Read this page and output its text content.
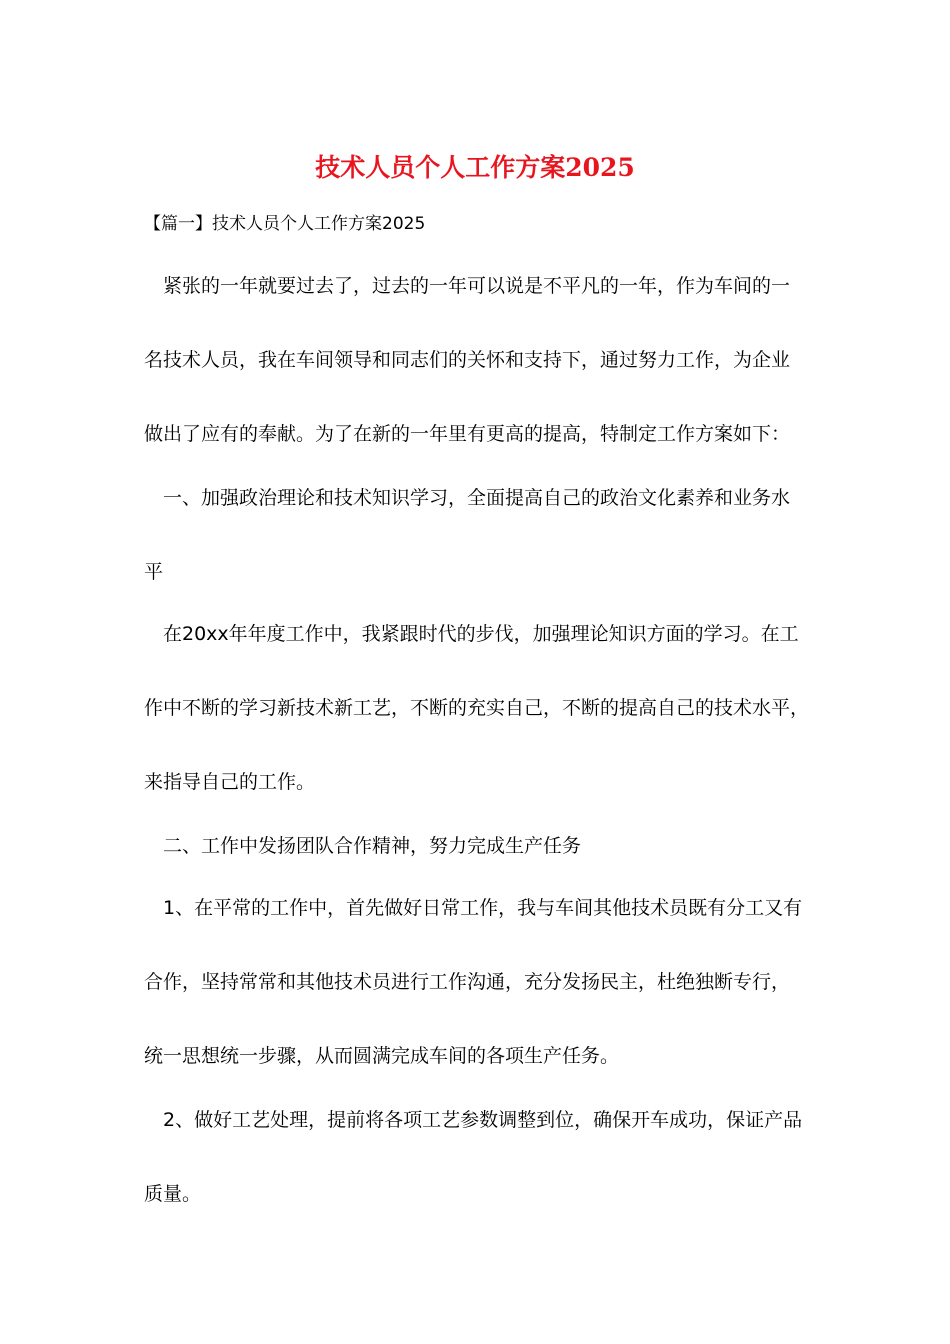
技术人员个人工作方案2025

【篇一】技术人员个人工作方案2025

紧张的一年就要过去了，过去的一年可以说是不平凡的一年，作为车间的一

名技术人员，我在车间领导和同志们的关怀和支持下，通过努力工作，为企业

做出了应有的奉献。为了在新的一年里有更高的提高，特制定工作方案如下：

一、加强政治理论和技术知识学习，全面提高自己的政治文化素养和业务水

平

在20xx年年度工作中，我紧跟时代的步伐，加强理论知识方面的学习。在工

作中不断的学习新技术新工艺，不断的充实自己，不断的提高自己的技术水平，

来指导自己的工作。

二、工作中发扬团队合作精神，努力完成生产任务

1、在平常的工作中，首先做好日常工作，我与车间其他技术员既有分工又有

合作，坚持常常和其他技术员进行工作沟通，充分发扬民主，杜绝独断专行，

统一思想统一步骤，从而圆满完成车间的各项生产任务。

2、做好工艺处理，提前将各项工艺参数调整到位，确保开车成功，保证产品

质量。
